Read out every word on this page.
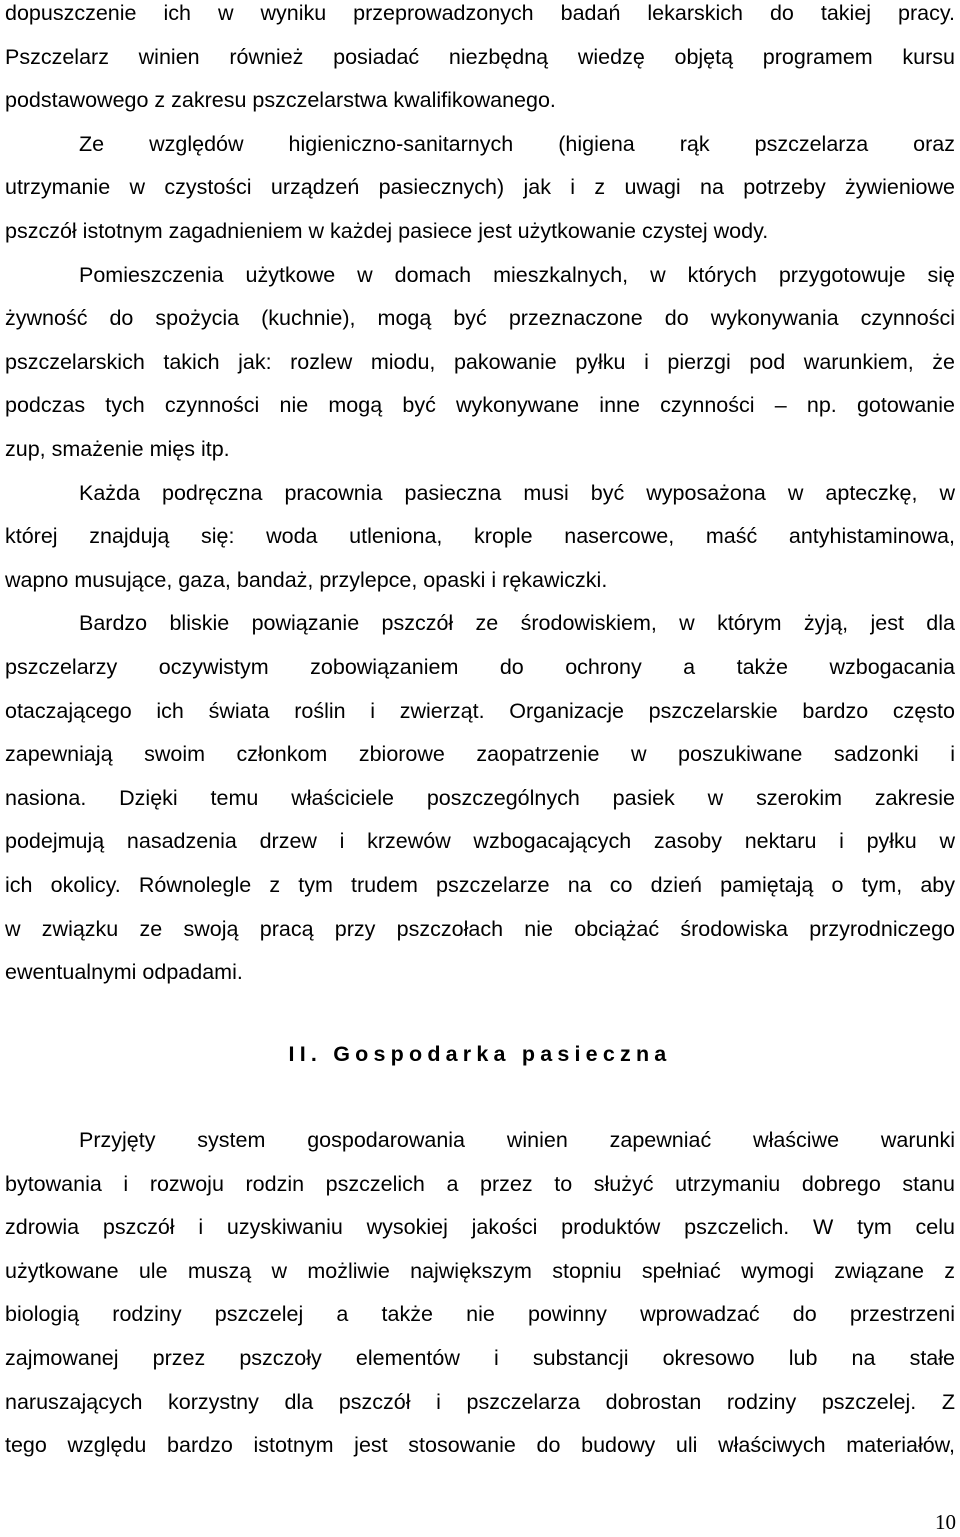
dopuszczenie ich w wyniku przeprowadzonych badań lekarskich do takiej pracy.
Pszczelarz winien również posiadać niezbędną wiedzę objętą programem kursu
podstawowego z zakresu pszczelarstwa kwalifikowanego.
Ze względów higieniczno-sanitarnych (higiena rąk pszczelarza oraz
utrzymanie w czystości urządzeń pasiecznych) jak i z uwagi na potrzeby żywieniowe
pszczół istotnym zagadnieniem w każdej pasiece jest użytkowanie czystej wody.
Pomieszczenia użytkowe w domach mieszkalnych, w których przygotowuje się
żywność do spożycia (kuchnie), mogą być przeznaczone do wykonywania czynności
pszczelarskich takich jak: rozlew miodu, pakowanie pyłku i pierzgi pod warunkiem, że
podczas tych czynności nie mogą być wykonywane inne czynności – np. gotowanie
zup, smażenie mięs itp.
Każda podręczna pracownia pasieczna musi być wyposażona w apteczkę, w
której znajdują się: woda utleniona, krople nasercowe, maść antyhistaminowa,
wapno musujące, gaza, bandaż, przylepce, opaski i rękawiczki.
Bardzo bliskie powiązanie pszczół ze środowiskiem, w którym żyją, jest dla
pszczelarzy oczywistym zobowiązaniem do ochrony a także wzbogacania
otaczającego ich świata roślin i zwierząt. Organizacje pszczelarskie bardzo często
zapewniają swoim członkom zbiorowe zaopatrzenie w poszukiwane sadzonki i
nasiona. Dzięki temu właściciele poszczególnych pasiek w szerokim zakresie
podejmują nasadzenia drzew i krzewów wzbogacających zasoby nektaru i pyłku w
ich okolicy. Równolegle z tym trudem pszczelarze na co dzień pamiętają o tym, aby
w związku ze swoją pracą przy pszczołach nie obciążać środowiska przyrodniczego
ewentualnymi odpadami.
II. Gospodarka pasieczna
Przyjęty system gospodarowania winien zapewniać właściwe warunki
bytowania i rozwoju rodzin pszczelich a przez to służyć utrzymaniu dobrego stanu
zdrowia pszczół i uzyskiwaniu wysokiej jakości produktów pszczelich. W tym celu
użytkowane ule muszą w możliwie największym stopniu spełniać wymogi związane z
biologią rodziny pszczelej a także nie powinny wprowadzać do przestrzeni
zajmowanej przez pszczoły elementów i substancji okresowo lub na stałe
naruszających korzystny dla pszczół i pszczelarza dobrostan rodziny pszczelej. Z
tego względu bardzo istotnym jest stosowanie do budowy uli właściwych materiałów,
10
